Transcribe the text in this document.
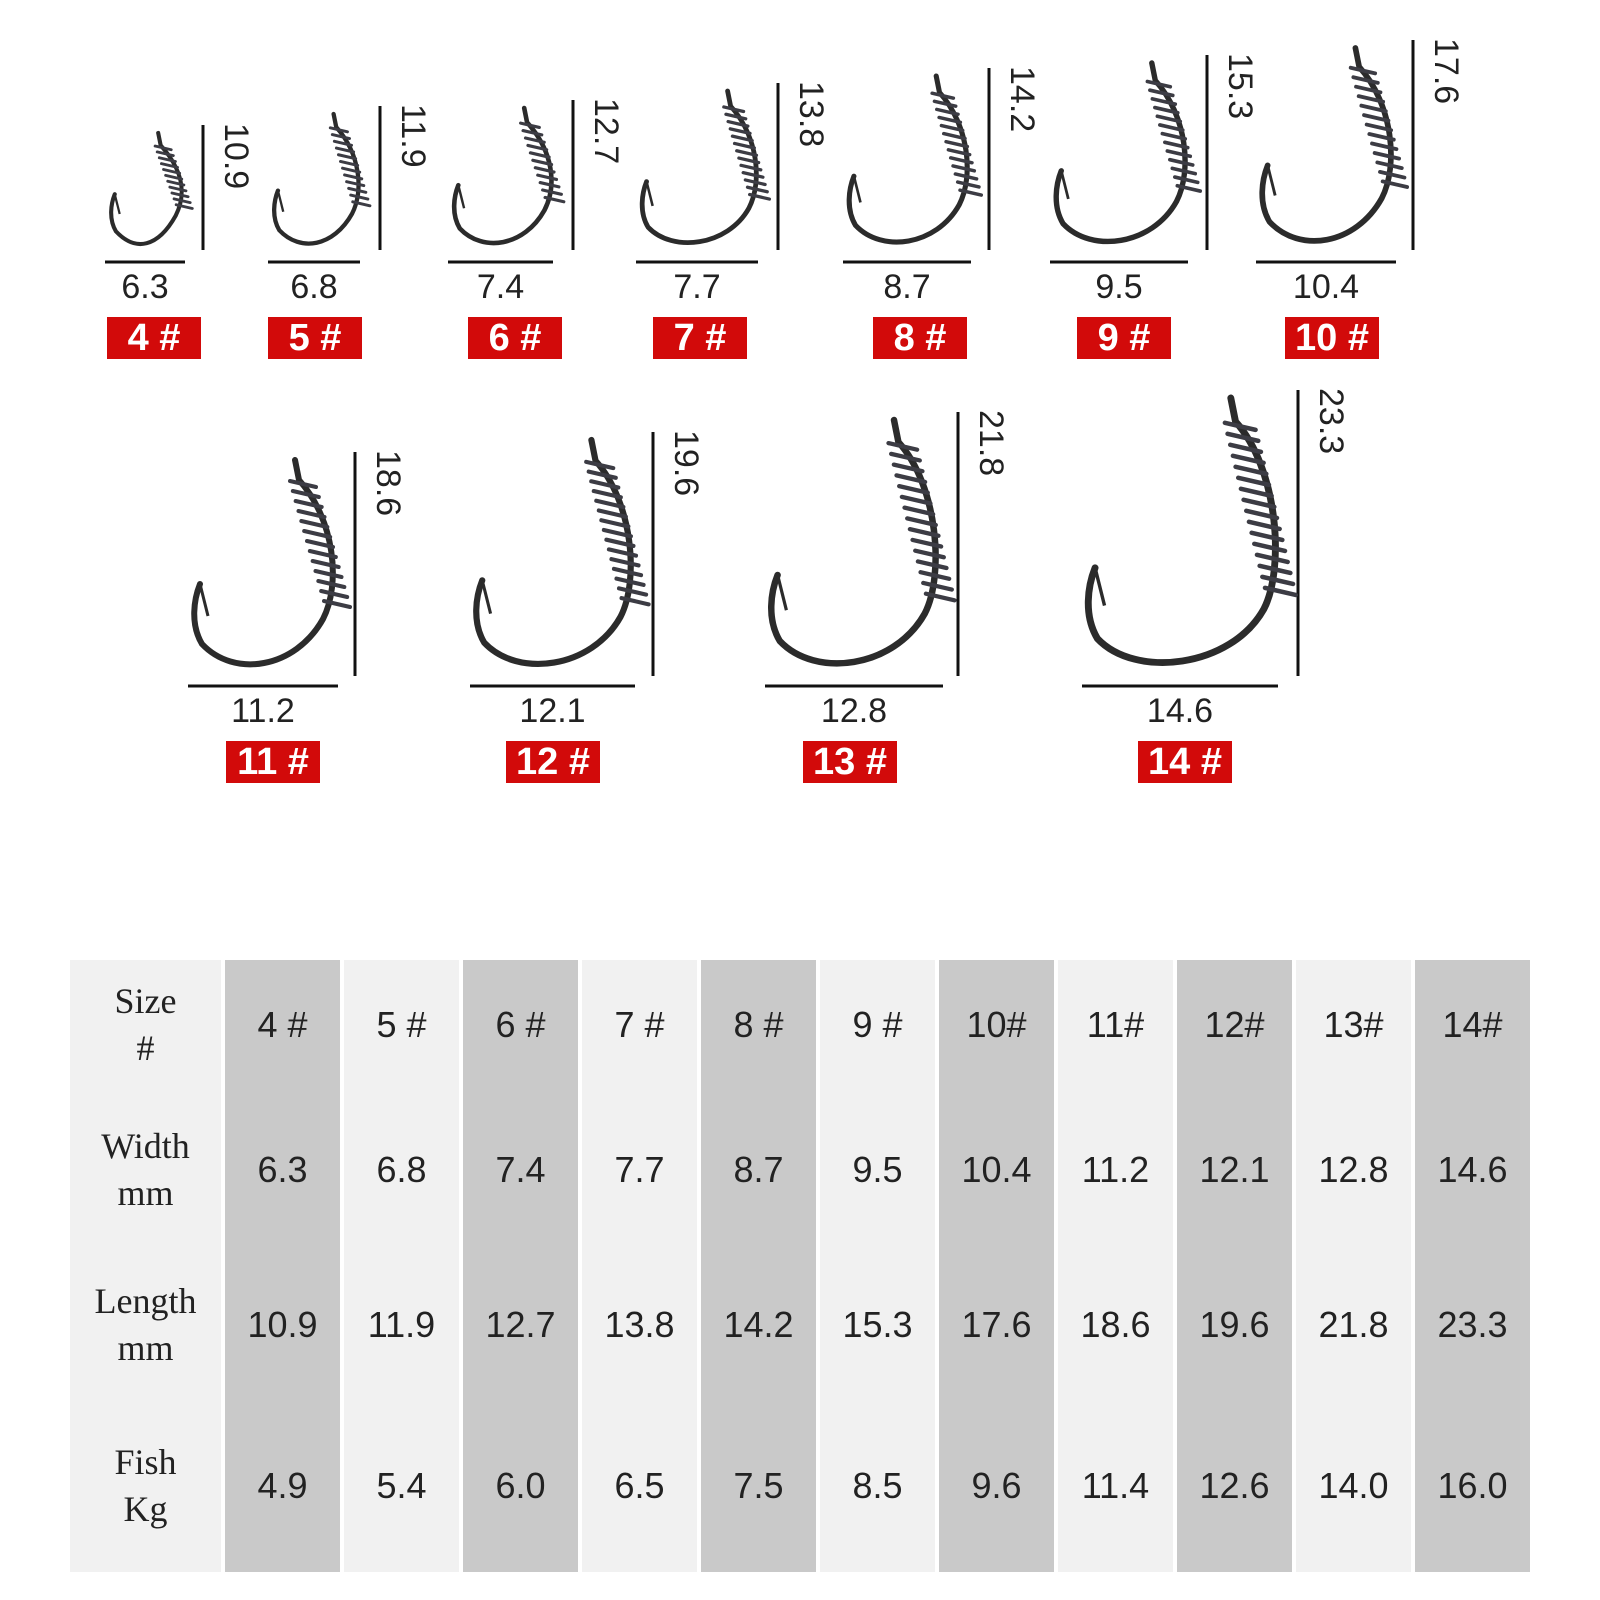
10.9
6.3
4 #
11.9
6.8
5 #
12.7
7.4
6 #
13.8
7.7
7 #
14.2
8.7
8 #
15.3
9.5
9 #
17.6
10.4
10 #
18.6
11.2
11 #
19.6
12.1
12 #
21.8
12.8
13 #
23.3
14.6
14 #
Size
#
Width
mm
Length
mm
Fish
Kg
4 #
6.3
10.9
4.9
5 #
6.8
11.9
5.4
6 #
7.4
12.7
6.0
7 #
7.7
13.8
6.5
8 #
8.7
14.2
7.5
9 #
9.5
15.3
8.5
10#
10.4
17.6
9.6
11#
11.2
18.6
11.4
12#
12.1
19.6
12.6
13#
12.8
21.8
14.0
14#
14.6
23.3
16.0
